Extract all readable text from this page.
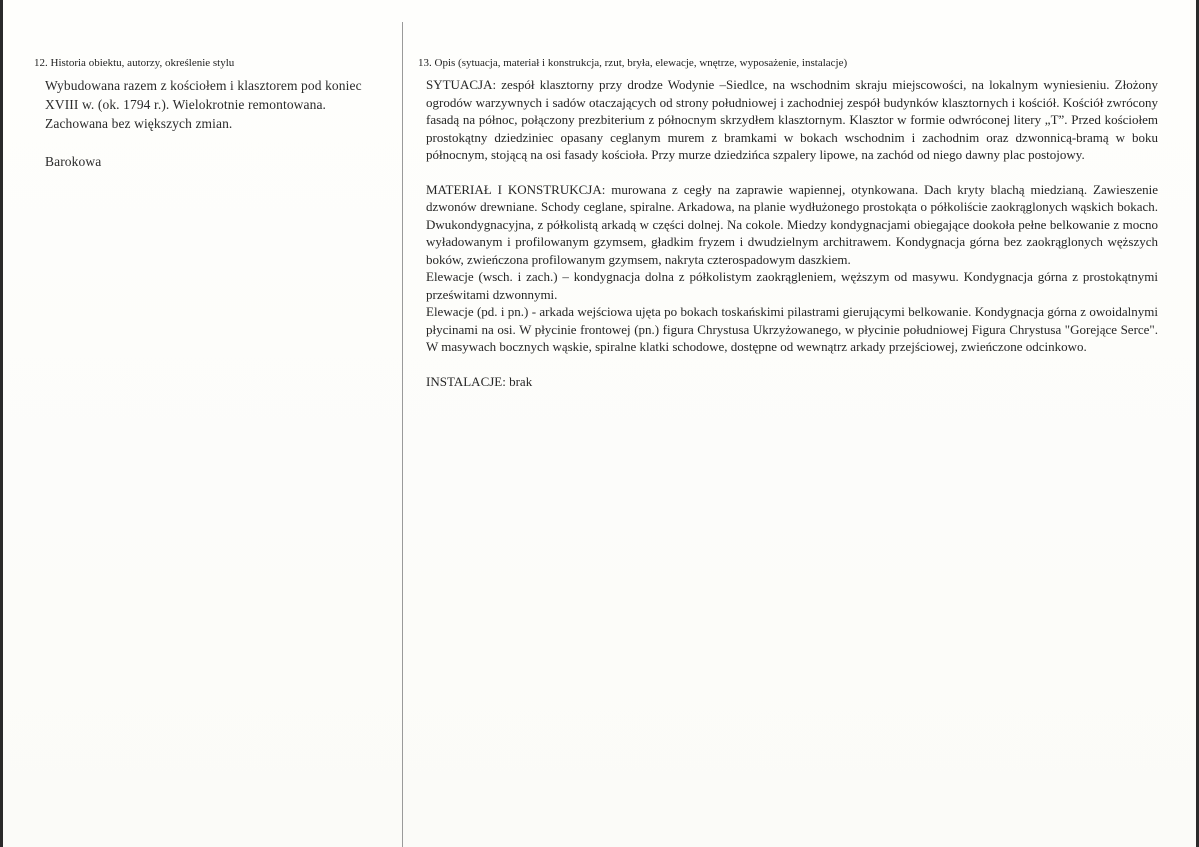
12. Historia obiektu, autorzy, określenie stylu

Wybudowana razem z kościołem i klasztorem pod koniec XVIII w. (ok. 1794 r.). Wielokrotnie remontowana. Zachowana bez większych zmian.

Barokowa

13. Opis (sytuacja, materiał i konstrukcja, rzut, bryła, elewacje, wnętrze, wyposażenie, instalacje)

SYTUACJA: zespół klasztorny przy drodze Wodynie –Siedlce, na wschodnim skraju miejscowości, na lokalnym wyniesieniu. Złożony ogrodów warzywnych i sadów otaczających od strony południowej i zachodniej zespół budynków klasztornych i kościół. Kościół zwrócony fasadą na północ, połączony prezbiterium z północnym skrzydłem klasztornym. Klasztor w formie odwróconej litery „T”. Przed kościołem prostokątny dziedziniec opasany ceglanym murem z bramkami w bokach wschodnim i zachodnim oraz dzwonnicą-bramą w boku północnym, stojącą na osi fasady kościoła. Przy murze dziedzińca szpalery lipowe, na zachód od niego dawny plac postojowy.

MATERIAŁ I KONSTRUKCJA: murowana z cegły na zaprawie wapiennej, otynkowana. Dach kryty blachą miedzianą. Zawieszenie dzwonów drewniane. Schody ceglane, spiralne. Arkadowa, na planie wydłużonego prostokąta o półkoliście zaokrąglonych wąskich bokach. Dwukondygnacyjna, z półkolistą arkadą w części dolnej. Na cokole. Miedzy kondygnacjami obiegające dookoła pełne belkowanie z mocno wyładowanym i profilowanym gzymsem, gładkim fryzem i dwudzielnym architrawem. Kondygnacja górna bez zaokrąglonych węższych boków, zwieńczona profilowanym gzymsem, nakryta czterospadowym daszkiem.

Elewacje (wsch. i zach.) – kondygnacja dolna z półkolistym zaokrągleniem, węższym od masywu. Kondygnacja górna z prostokątnymi prześwitami dzwonnymi.

Elewacje (pd. i pn.) - arkada wejściowa ujęta po bokach toskańskimi pilastrami gierującymi belkowanie. Kondygnacja górna z owoidalnymi płycinami na osi. W płycinie frontowej (pn.) figura Chrystusa Ukrzyżowanego, w płycinie południowej Figura Chrystusa "Gorejące Serce". W masywach bocznych wąskie, spiralne klatki schodowe, dostępne od wewnątrz arkady przejściowej, zwieńczone odcinkowo.

INSTALACJE: brak
